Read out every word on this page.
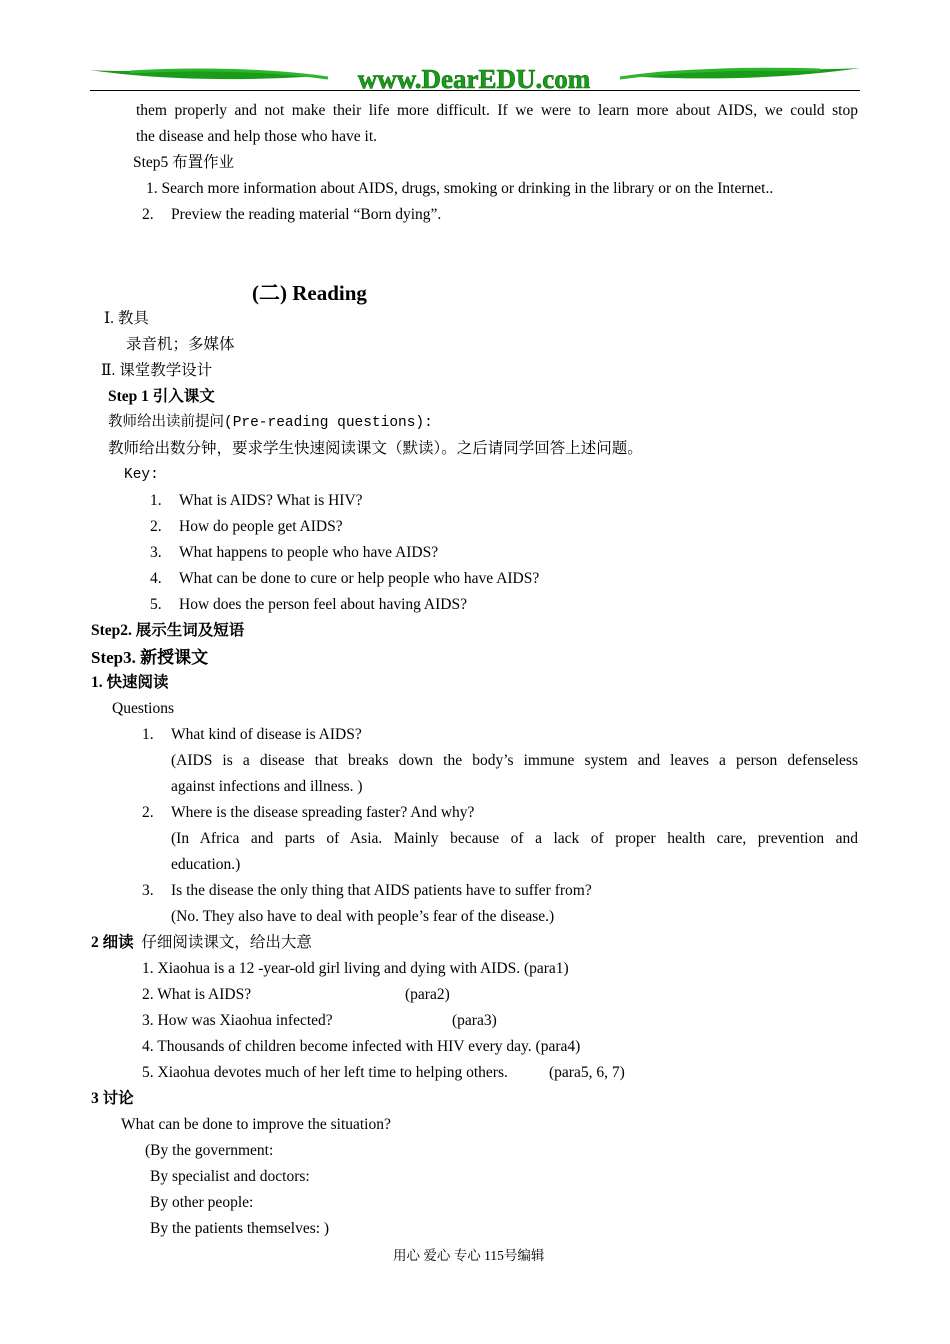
www.DearEDU.com
them properly and not make their life more difficult. If we were to learn more about AIDS, we could stop
the disease and help those who have it.
Step5 布置作业
1. Search more information about AIDS, drugs, smoking or drinking in the library or on the Internet..
2. Preview the reading material “Born dying”.
(二) Reading
Ⅰ. 教具
录音机；多媒体
Ⅱ. 课堂教学设计
Step 1 引入课文
教师给出读前提问(Pre-reading questions):
教师给出数分钟，要求学生快速阅读课文（默读）。之后请同学回答上述问题。
Key:
1. What is AIDS? What is HIV?
2. How do people get AIDS?
3. What happens to people who have AIDS?
4. What can be done to cure or help people who have AIDS?
5. How does the person feel about having AIDS?
Step2. 展示生词及短语
Step3. 新授课文
1. 快速阅读
Questions
1. What kind of disease is AIDS?
(AIDS is a disease that breaks down the body’s immune system and leaves a person defenseless
against infections and illness. )
2. Where is the disease spreading faster? And why?
(In Africa and parts of Asia. Mainly because of a lack of proper health care, prevention and
education.)
3. Is the disease the only thing that AIDS patients have to suffer from?
(No. They also have to deal with people’s fear of the disease.)
2 细读 仔细阅读课文，给出大意
1. Xiaohua is a 12 -year-old girl living and dying with AIDS. (para1)
2. What is AIDS?	(para2)
3. How was Xiaohua infected?	(para3)
4. Thousands of children become infected with HIV every day. (para4)
5. Xiaohua devotes much of her left time to helping others.	(para5, 6, 7)
3 讨论
What can be done to improve the situation?
(By the government:
By specialist and doctors:
By other people:
By the patients themselves: )
用心 爱心 专心 115号编辑
